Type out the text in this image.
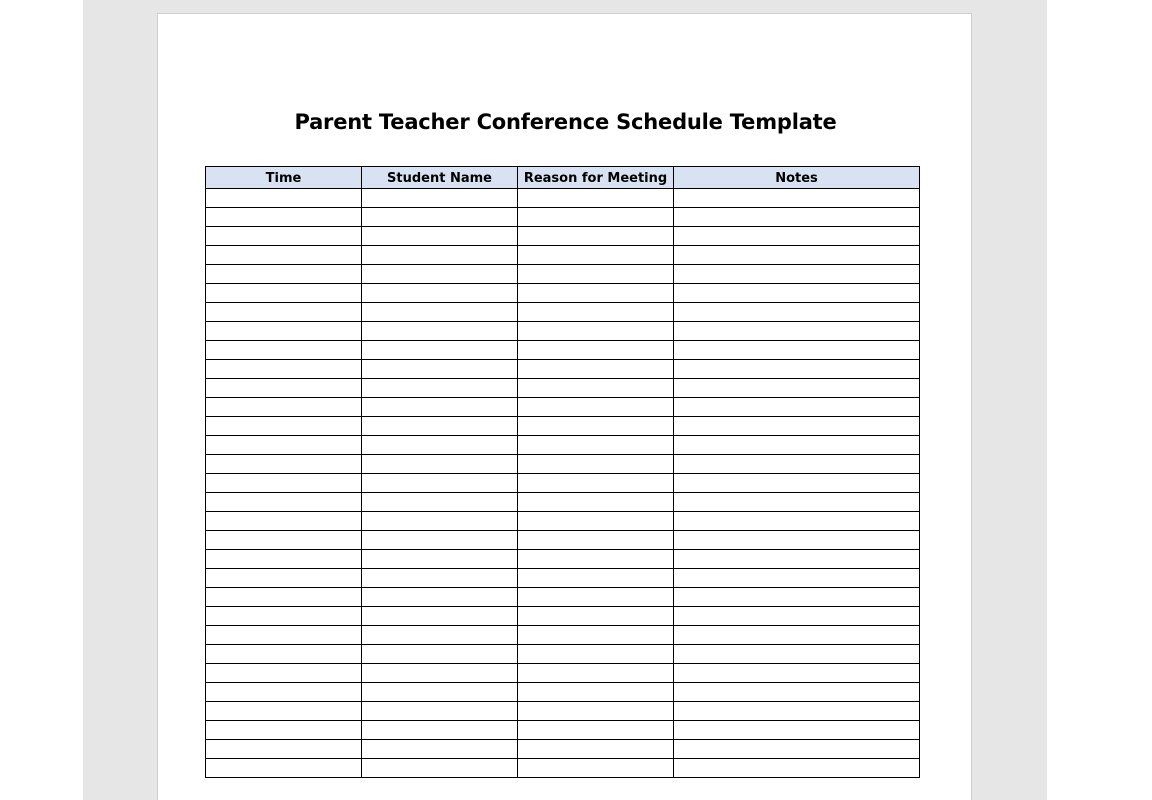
Parent Teacher Conference Schedule Template
Time	Student Name	Reason for Meeting	Notes
